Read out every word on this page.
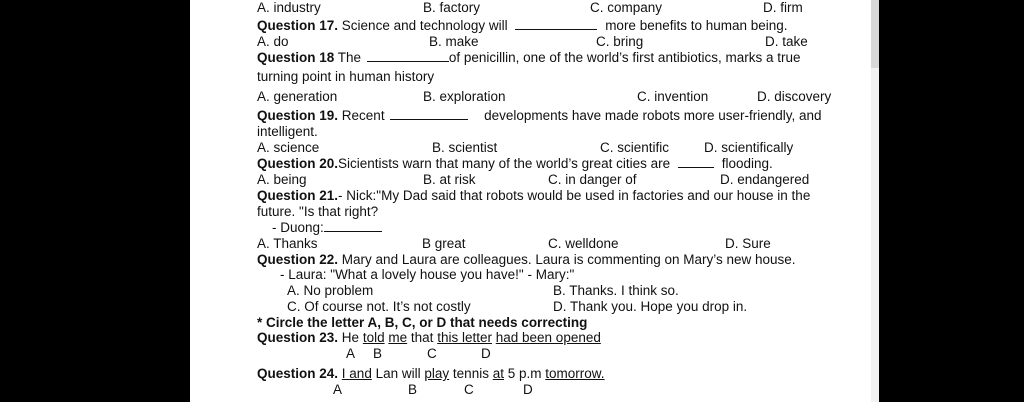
A. industry	B. factory	C. company	D. firm
Question 17. Science and technology will	more benefits to human being.
A. do	B. make	C. bring	D. take
Question 18 The	of penicillin, one of the world’s first antibiotics, marks a true
turning point in human history
A. generation	B. exploration	C. invention	D. discovery
Question 19. Recent	developments have made robots more user-friendly, and
intelligent.
A. science	B. scientist	C. scientific	D. scientifically
Question 20.Sicientists warn that many of the world’s great cities are	flooding.
A. being	B. at risk	C. in danger of	D. endangered
Question 21.- Nick:"My Dad said that robots would be used in factories and our house in the
future. "Is that right?
- Duong:
A. Thanks	B great	C. welldone	D. Sure
Question 22. Mary and Laura are colleagues. Laura is commenting on Mary’s new house.
- Laura: "What a lovely house you have!" - Mary:"
A. No problem	B. Thanks. I think so.
C. Of course not. It’s not costly	D. Thank you. Hope you drop in.
* Circle the letter A, B, C, or D that needs correcting
Question 23. He told me that this letter had been opened
A B	C	D
Question 24. I and Lan will play tennis at 5 p.m tomorrow.
A	B	C	D
